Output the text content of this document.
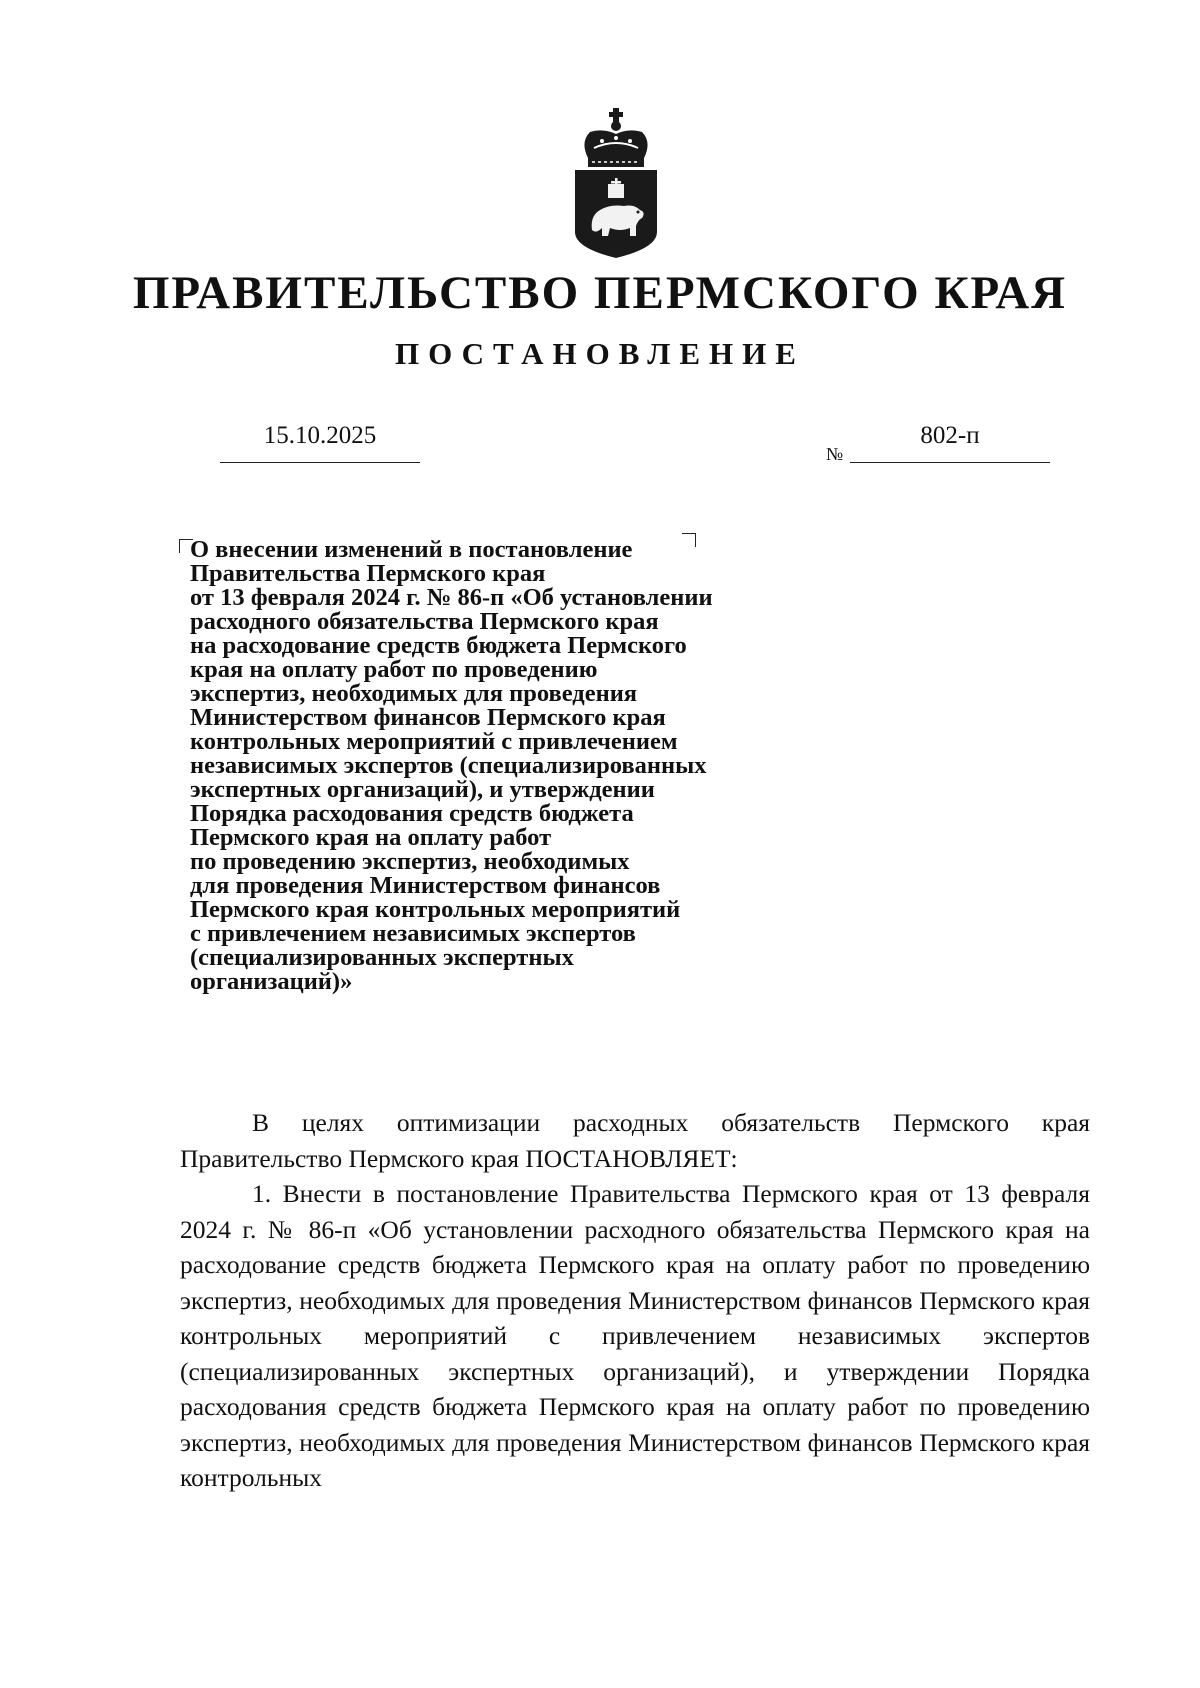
ПРАВИТЕЛЬСТВО ПЕРМСКОГО КРАЯ
ПОСТАНОВЛЕНИЕ
15.10.2025
№
802-п
О внесении изменений в постановление
Правительства Пермского края
от 13 февраля 2024 г. № 86-п «Об установлении
расходного обязательства Пермского края
на расходование средств бюджета Пермского
края на оплату работ по проведению
экспертиз, необходимых для проведения
Министерством финансов Пермского края
контрольных мероприятий с привлечением
независимых экспертов (специализированных
экспертных организаций), и утверждении
Порядка расходования средств бюджета
Пермского края на оплату работ
по проведению экспертиз, необходимых
для проведения Министерством финансов
Пермского края контрольных мероприятий
с привлечением независимых экспертов
(специализированных экспертных
организаций)»

В целях оптимизации расходных обязательств Пермского края Правительство Пермского края ПОСТАНОВЛЯЕТ:

1. Внести в постановление Правительства Пермского края от 13 февраля 2024 г. № 86-п «Об установлении расходного обязательства Пермского края на расходование средств бюджета Пермского края на оплату работ по проведению экспертиз, необходимых для проведения Министерством финансов Пермского края контрольных мероприятий с привлечением независимых экспертов (специализированных экспертных организаций), и утверждении Порядка расходования средств бюджета Пермского края на оплату работ по проведению экспертиз, необходимых для проведения Министерством финансов Пермского края контрольных
